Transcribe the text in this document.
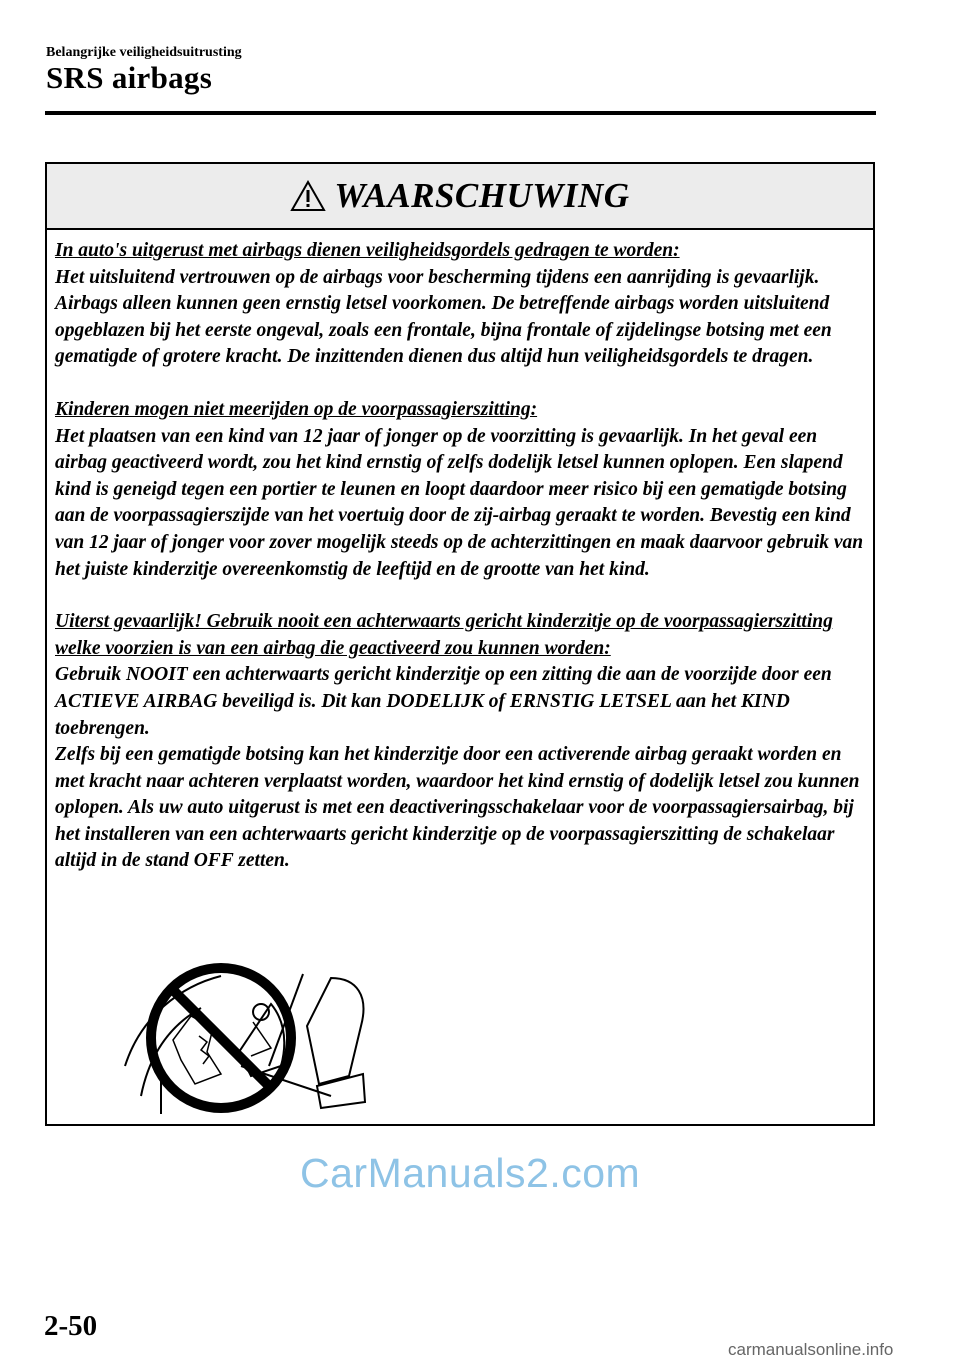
Belangrijke veiligheidsuitrusting
SRS airbags
WAARSCHUWING

In auto's uitgerust met airbags dienen veiligheidsgordels gedragen te worden:
Het uitsluitend vertrouwen op de airbags voor bescherming tijdens een aanrijding is gevaarlijk. Airbags alleen kunnen geen ernstig letsel voorkomen. De betreffende airbags worden uitsluitend opgeblazen bij het eerste ongeval, zoals een frontale, bijna frontale of zijdelingse botsing met een gematigde of grotere kracht. De inzittenden dienen dus altijd hun veiligheidsgordels te dragen.

Kinderen mogen niet meerijden op de voorpassagierszitting:
Het plaatsen van een kind van 12 jaar of jonger op de voorzitting is gevaarlijk. In het geval een airbag geactiveerd wordt, zou het kind ernstig of zelfs dodelijk letsel kunnen oplopen. Een slapend kind is geneigd tegen een portier te leunen en loopt daardoor meer risico bij een gematigde botsing aan de voorpassagierszijde van het voertuig door de zij-airbag geraakt te worden. Bevestig een kind van 12 jaar of jonger voor zover mogelijk steeds op de achterzittingen en maak daarvoor gebruik van het juiste kinderzitje overeenkomstig de leeftijd en de grootte van het kind.

Uiterst gevaarlijk! Gebruik nooit een achterwaarts gericht kinderzitje op de voorpassagierszitting welke voorzien is van een airbag die geactiveerd zou kunnen worden:
Gebruik NOOIT een achterwaarts gericht kinderzitje op een zitting die aan de voorzijde door een ACTIEVE AIRBAG beveiligd is. Dit kan DODELIJK of ERNSTIG LETSEL aan het KIND toebrengen.
Zelfs bij een gematigde botsing kan het kinderzitje door een activerende airbag geraakt worden en met kracht naar achteren verplaatst worden, waardoor het kind ernstig of dodelijk letsel zou kunnen oplopen. Als uw auto uitgerust is met een deactiveringsschakelaar voor de voorpassagiersairbag, bij het installeren van een achterwaarts gericht kinderzitje op de voorpassagierszitting de schakelaar altijd in de stand OFF zetten.

CarManuals2.com
2-50
carmanualsonline.info
